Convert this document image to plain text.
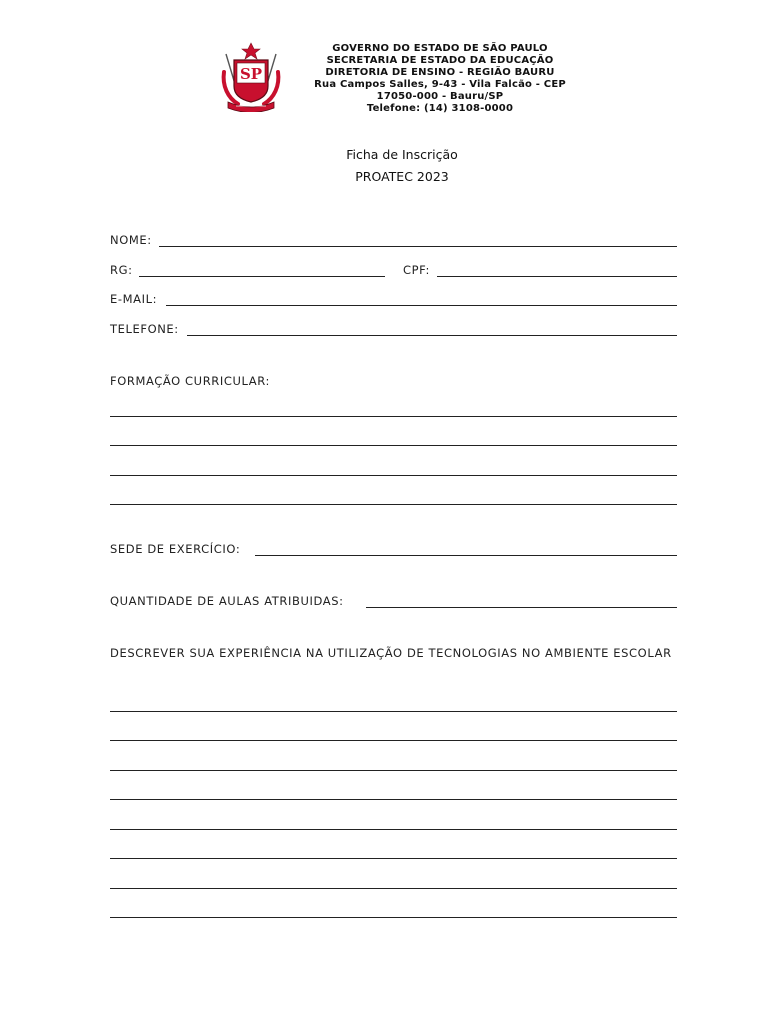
SP
GOVERNO DO ESTADO DE SÃO PAULO
SECRETARIA DE ESTADO DA EDUCAÇÃO
DIRETORIA DE ENSINO - REGIÃO BAURU
Rua Campos Salles, 9-43 - Vila Falcão - CEP
17050-000 - Bauru/SP
Telefone: (14) 3108-0000
Ficha de Inscrição
PROATEC 2023
NOME:
RG:	CPF:
E-MAIL:
TELEFONE:
FORMAÇÃO CURRICULAR:
SEDE DE EXERCÍCIO:
QUANTIDADE DE AULAS ATRIBUIDAS:
DESCREVER SUA EXPERIÊNCIA NA UTILIZAÇÃO DE TECNOLOGIAS NO AMBIENTE ESCOLAR
